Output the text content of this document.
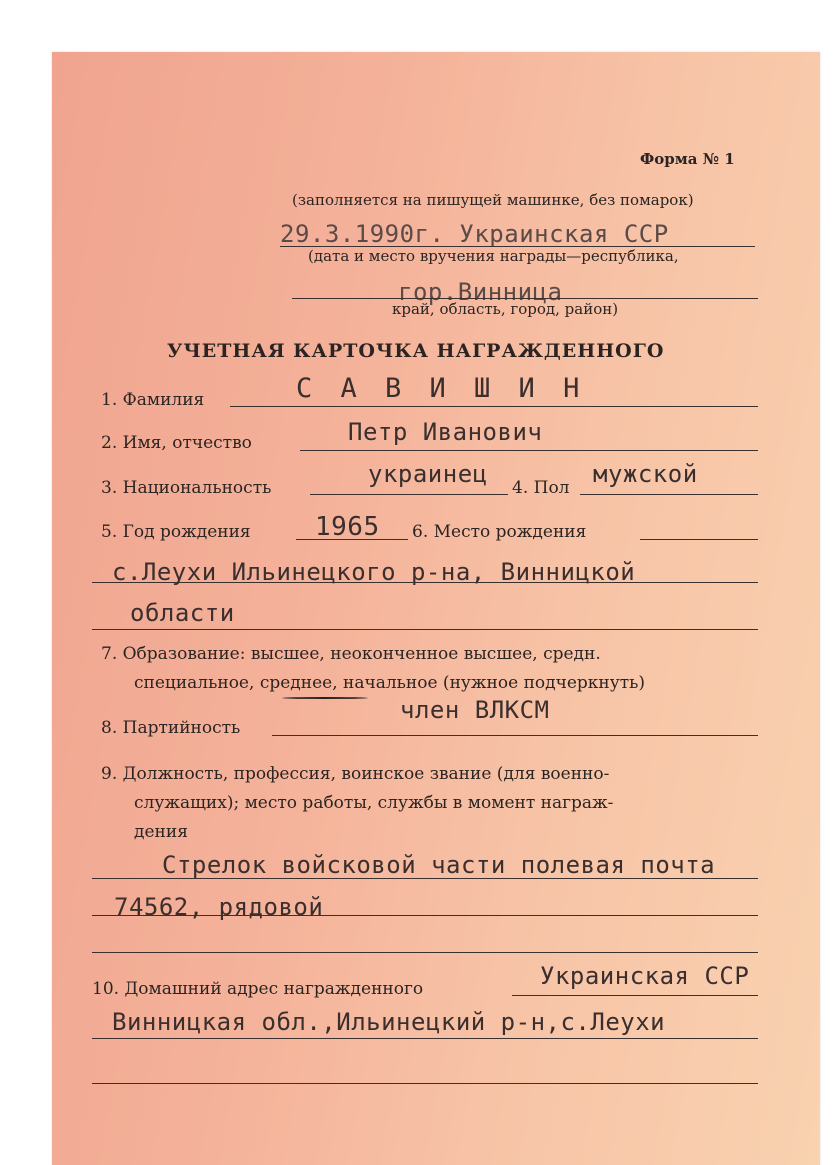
Форма № 1
(заполняется на пишущей машинке, без помарок)
29.3.1990г. Украинская ССР
(дата и место вручения награды—республика,
гор.Винница
край, область, город, район)
УЧЕТНАЯ КАРТОЧКА НАГРАЖДЕННОГО
1. Фамилия	С А В И Ш И Н
2. Имя, отчество	Петр Иванович
3. Национальность	украинец 4. Пол мужской
5. Год рождения 1965 6. Место рождения
с.Леухи Ильинецкого р-на, Винницкой
области
7. Образование: высшее, неоконченное высшее, средн.
специальное, среднее, начальное (нужное подчеркнуть)
8. Партийность
член ВЛКСМ
9. Должность, профессия, воинское звание (для военно-
служащих); место работы, службы в момент награж-
дения
Стрелок войсковой части полевая почта
74562, рядовой
10. Домашний адрес награжденного	Украинская ССР
Винницкая обл.,Ильинецкий р-н,с.Леухи
